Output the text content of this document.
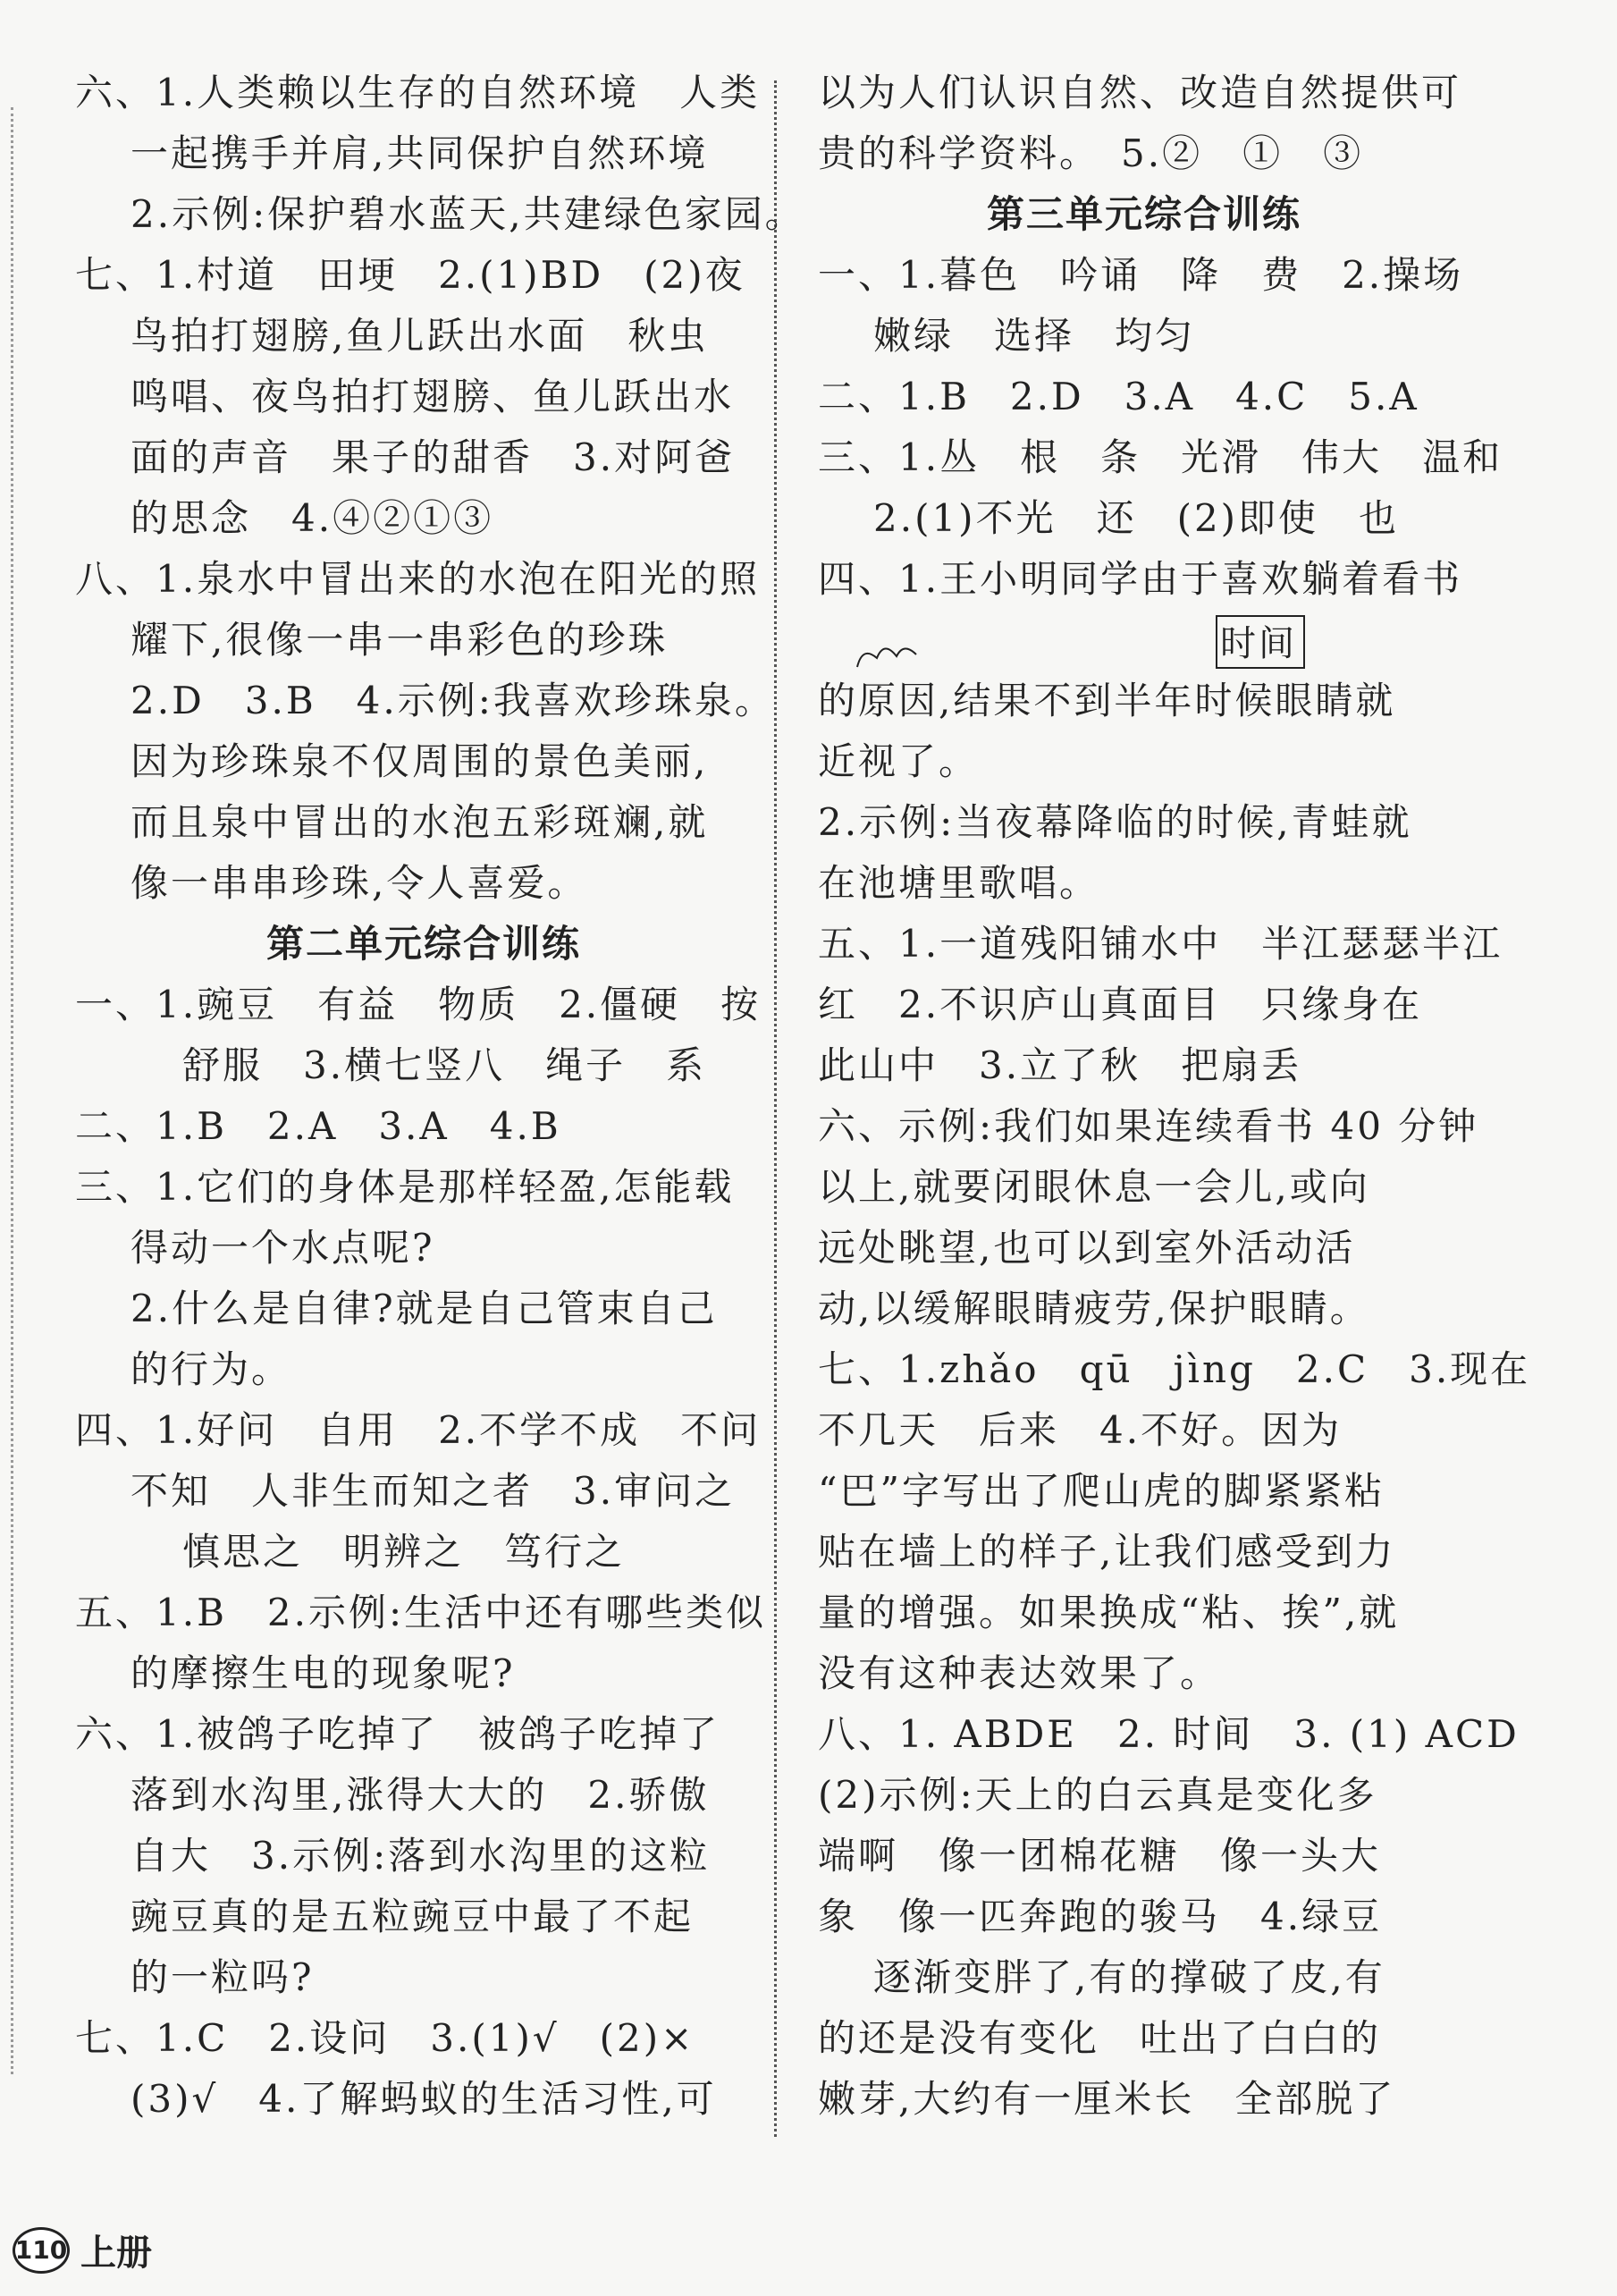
六、1.人类赖以生存的自然环境　人类
一起携手并肩,共同保护自然环境
2.示例:保护碧水蓝天,共建绿色家园。
七、1.村道　田埂　2.(1)BD　(2)夜
鸟拍打翅膀,鱼儿跃出水面　秋虫
鸣唱、夜鸟拍打翅膀、鱼儿跃出水
面的声音　果子的甜香　3.对阿爸
的思念　4.④②①③
八、1.泉水中冒出来的水泡在阳光的照
耀下,很像一串一串彩色的珍珠
2.D　3.B　4.示例:我喜欢珍珠泉。
因为珍珠泉不仅周围的景色美丽,
而且泉中冒出的水泡五彩斑斓,就
像一串串珍珠,令人喜爱。
第二单元综合训练
一、1.豌豆　有益　物质　2.僵硬　按
舒服　3.横七竖八　绳子　系
二、1.B　2.A　3.A　4.B
三、1.它们的身体是那样轻盈,怎能载
得动一个水点呢?
2.什么是自律?就是自己管束自己
的行为。
四、1.好问　自用　2.不学不成　不问
不知　人非生而知之者　3.审问之
慎思之　明辨之　笃行之
五、1.B　2.示例:生活中还有哪些类似
的摩擦生电的现象呢?
六、1.被鸽子吃掉了　被鸽子吃掉了
落到水沟里,涨得大大的　2.骄傲
自大　3.示例:落到水沟里的这粒
豌豆真的是五粒豌豆中最了不起
的一粒吗?
七、1.C　2.设问　3.(1)√　(2)×
(3)√　4.了解蚂蚁的生活习性,可
以为人们认识自然、改造自然提供可
贵的科学资料。　5.②　①　③
第三单元综合训练
一、1.暮色　吟诵　降　费　2.操场
嫩绿　选择　均匀
二、1.B　2.D　3.A　4.C　5.A
三、1.丛　根　条　光滑　伟大　温和
2.(1)不光　还　(2)即使　也
四、1.王小明同学由于喜欢躺着看书
时间
的原因,结果不到半年时候眼睛就
近视了。
2.示例:当夜幕降临的时候,青蛙就
在池塘里歌唱。
五、1.一道残阳铺水中　半江瑟瑟半江
红　2.不识庐山真面目　只缘身在
此山中　3.立了秋　把扇丢
六、示例:我们如果连续看书 40 分钟
以上,就要闭眼休息一会儿,或向
远处眺望,也可以到室外活动活
动,以缓解眼睛疲劳,保护眼睛。
七、1.zhǎo　qū　jìng　2.C　3.现在
不几天　后来　4.不好。因为
“巴”字写出了爬山虎的脚紧紧粘
贴在墙上的样子,让我们感受到力
量的增强。如果换成“粘、挨”,就
没有这种表达效果了。
八、1. ABDE　2. 时间　3. (1) ACD
(2)示例:天上的白云真是变化多
端啊　像一团棉花糖　像一头大
象　像一匹奔跑的骏马　4.绿豆
逐渐变胖了,有的撑破了皮,有
的还是没有变化　吐出了白白的
嫩芽,大约有一厘米长　全部脱了
110 上册
